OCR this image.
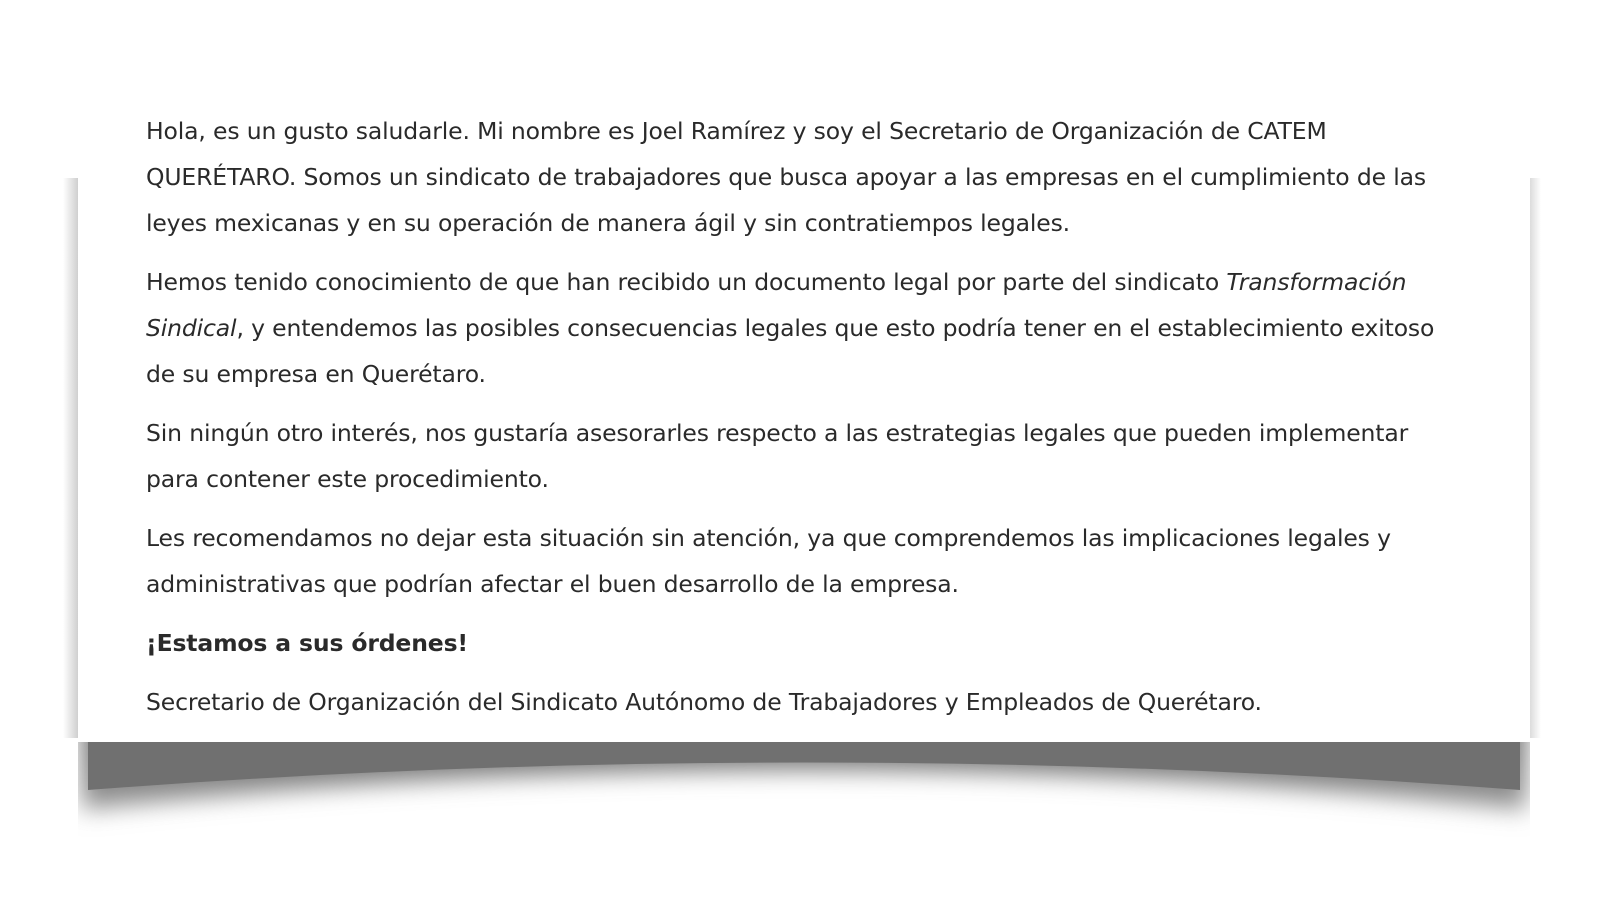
Hola, es un gusto saludarle. Mi nombre es Joel Ramírez y soy el Secretario de Organización de CATEM QUERÉTARO. Somos un sindicato de trabajadores que busca apoyar a las empresas en el cumplimiento de las leyes mexicanas y en su operación de manera ágil y sin contratiempos legales.

Hemos tenido conocimiento de que han recibido un documento legal por parte del sindicato Transformación Sindical, y entendemos las posibles consecuencias legales que esto podría tener en el establecimiento exitoso de su empresa en Querétaro.

Sin ningún otro interés, nos gustaría asesorarles respecto a las estrategias legales que pueden implementar para contener este procedimiento.

Les recomendamos no dejar esta situación sin atención, ya que comprendemos las implicaciones legales y administrativas que podrían afectar el buen desarrollo de la empresa.

¡Estamos a sus órdenes!

Secretario de Organización del Sindicato Autónomo de Trabajadores y Empleados de Querétaro.
